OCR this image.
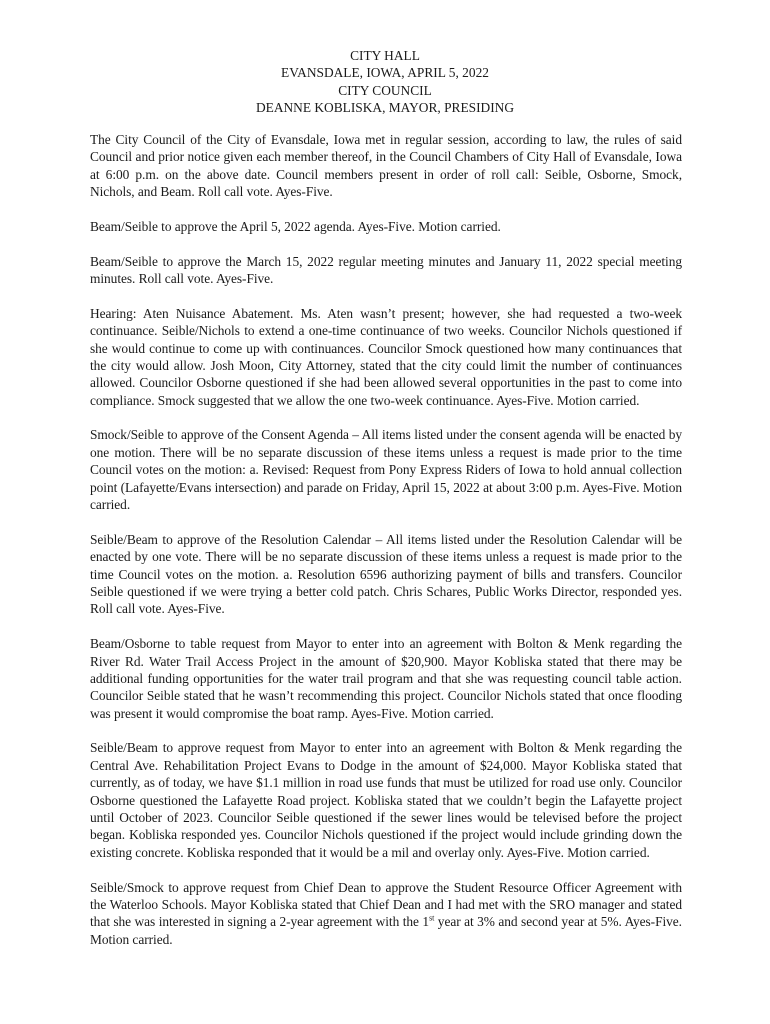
CITY HALL
EVANSDALE, IOWA, APRIL 5, 2022
CITY COUNCIL
DEANNE KOBLISKA, MAYOR, PRESIDING

The City Council of the City of Evansdale, Iowa met in regular session, according to law, the rules of said Council and prior notice given each member thereof, in the Council Chambers of City Hall of Evansdale, Iowa at 6:00 p.m. on the above date. Council members present in order of roll call: Seible, Osborne, Smock, Nichols, and Beam. Roll call vote. Ayes-Five.

Beam/Seible to approve the April 5, 2022 agenda. Ayes-Five. Motion carried.

Beam/Seible to approve the March 15, 2022 regular meeting minutes and January 11, 2022 special meeting minutes. Roll call vote. Ayes-Five.

Hearing: Aten Nuisance Abatement. Ms. Aten wasn’t present; however, she had requested a two-week continuance. Seible/Nichols to extend a one-time continuance of two weeks. Councilor Nichols questioned if she would continue to come up with continuances. Councilor Smock questioned how many continuances that the city would allow. Josh Moon, City Attorney, stated that the city could limit the number of continuances allowed. Councilor Osborne questioned if she had been allowed several opportunities in the past to come into compliance. Smock suggested that we allow the one two-week continuance. Ayes-Five. Motion carried.

Smock/Seible to approve of the Consent Agenda – All items listed under the consent agenda will be enacted by one motion. There will be no separate discussion of these items unless a request is made prior to the time Council votes on the motion: a. Revised: Request from Pony Express Riders of Iowa to hold annual collection point (Lafayette/Evans intersection) and parade on Friday, April 15, 2022 at about 3:00 p.m. Ayes-Five. Motion carried.

Seible/Beam to approve of the Resolution Calendar – All items listed under the Resolution Calendar will be enacted by one vote. There will be no separate discussion of these items unless a request is made prior to the time Council votes on the motion. a. Resolution 6596 authorizing payment of bills and transfers. Councilor Seible questioned if we were trying a better cold patch. Chris Schares, Public Works Director, responded yes. Roll call vote. Ayes-Five.

Beam/Osborne to table request from Mayor to enter into an agreement with Bolton & Menk regarding the River Rd. Water Trail Access Project in the amount of $20,900. Mayor Kobliska stated that there may be additional funding opportunities for the water trail program and that she was requesting council table action. Councilor Seible stated that he wasn’t recommending this project. Councilor Nichols stated that once flooding was present it would compromise the boat ramp. Ayes-Five. Motion carried.

Seible/Beam to approve request from Mayor to enter into an agreement with Bolton & Menk regarding the Central Ave. Rehabilitation Project Evans to Dodge in the amount of $24,000. Mayor Kobliska stated that currently, as of today, we have $1.1 million in road use funds that must be utilized for road use only. Councilor Osborne questioned the Lafayette Road project. Kobliska stated that we couldn’t begin the Lafayette project until October of 2023. Councilor Seible questioned if the sewer lines would be televised before the project began. Kobliska responded yes. Councilor Nichols questioned if the project would include grinding down the existing concrete. Kobliska responded that it would be a mil and overlay only. Ayes-Five. Motion carried.

Seible/Smock to approve request from Chief Dean to approve the Student Resource Officer Agreement with the Waterloo Schools. Mayor Kobliska stated that Chief Dean and I had met with the SRO manager and stated that she was interested in signing a 2-year agreement with the 1st year at 3% and second year at 5%. Ayes-Five. Motion carried.
